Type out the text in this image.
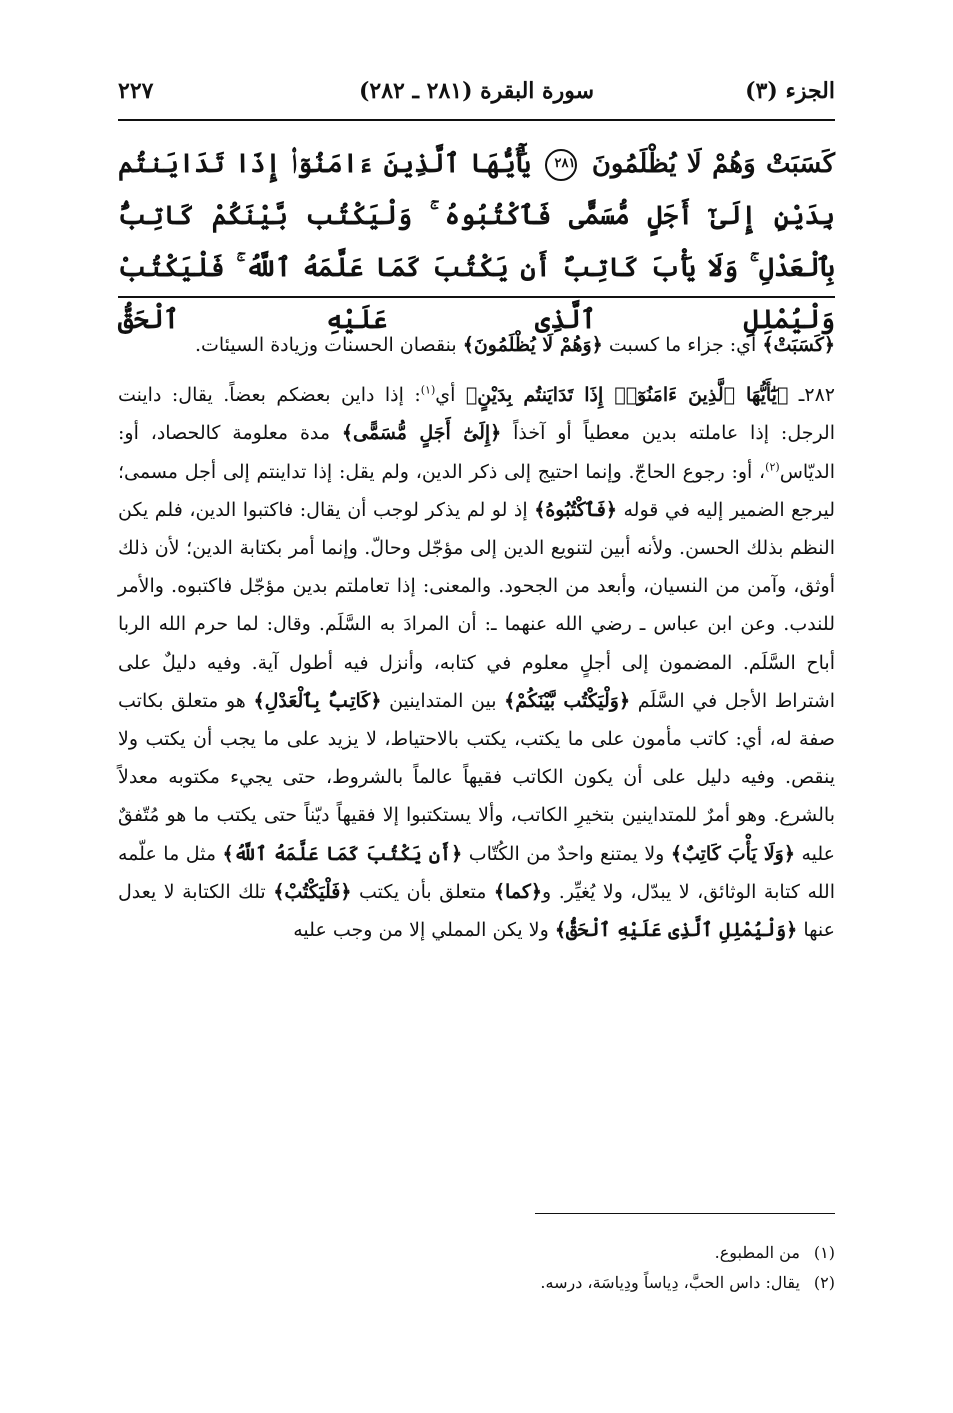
الجزء (٣)
سورة البقرة (٢٨١ ـ ٢٨٢)
٢٢٧
كَسَبَتْ وَهُمْ لَا يُظْلَمُونَ ٢٨١ يَٰٓأَيُّهَا ٱلَّذِينَ ءَامَنُوٓا۟ إِذَا تَدَايَنتُم بِدَيْنٍ إِلَىٰٓ أَجَلٍ مُّسَمًّى فَٱكْتُبُوهُ ۚ وَلْيَكْتُب بَّيْنَكُمْ كَاتِبٌۢ بِٱلْعَدْلِ ۚ وَلَا يَأْبَ كَاتِبٌ أَن يَكْتُبَ كَمَا عَلَّمَهُ ٱللَّهُ ۚ فَلْيَكْتُبْ وَلْيُمْلِلِ ٱلَّذِى عَلَيْهِ ٱلْحَقُّ

﴿كَسَبَتْ﴾ أي: جزاء ما كسبت ﴿وَهُمْ لَا يُظْلَمُونَ﴾ بنقصان الحسنات وزيادة السيئات.

٢٨٢ـ ﴿يَٰٓأَيُّهَا ٱلَّذِينَ ءَامَنُوٓا۟ إِذَا تَدَايَنتُم بِدَيْنٍ﴾ أي$^{(١)}$: إذا داين بعضكم بعضاً. يقال: داينت الرجل: إذا عاملته بدين معطياً أو آخذاً ﴿إِلَىٰٓ أَجَلٍ مُّسَمًّى﴾ مدة معلومة كالحصاد، أو: الديّاس$^{(٢)}$، أو: رجوع الحاجّ. وإنما احتيج إلى ذكر الدين، ولم يقل: إذا تداينتم إلى أجل مسمى؛ ليرجع الضمير إليه في قوله ﴿فَٱكْتُبُوهُ﴾ إذ لو لم يذكر لوجب أن يقال: فاكتبوا الدين، فلم يكن النظم بذلك الحسن. ولأنه أبين لتنويع الدين إلى مؤجّل وحالّ. وإنما أمر بكتابة الدين؛ لأن ذلك أوثق، وآمن من النسيان، وأبعد من الجحود. والمعنى: إذا تعاملتم بدين مؤجّل فاكتبوه. والأمر للندب. وعن ابن عباس ـ رضي الله عنهما ـ: أن المرادَ به السَّلَم. وقال: لما حرم الله الربا أباح السَّلَم. المضمون إلى أجلٍ معلوم في كتابه، وأنزل فيه أطول آية. وفيه دليلٌ على اشتراط الأجل في السَّلَم ﴿وَلْيَكْتُب بَّيْنَكُمْ﴾ بين المتداينين ﴿كَاتِبٌۢ بِٱلْعَدْلِ﴾ هو متعلق بكاتب صفة له، أي: كاتب مأمون على ما يكتب، يكتب بالاحتياط، لا يزيد على ما يجب أن يكتب ولا ينقص. وفيه دليل على أن يكون الكاتب فقيهاً عالماً بالشروط، حتى يجيء مكتوبه معدلاً بالشرع. وهو أمرٌ للمتداينين بتخيرِ الكاتب، وألا يستكتبوا إلا فقيهاً ديّناً حتى يكتب ما هو مُتّفقٌ عليه ﴿وَلَا يَأْبَ كَاتِبٌ﴾ ولا يمتنع واحدٌ من الكُتّاب ﴿أَن يَكْتُبَ كَمَا عَلَّمَهُ ٱللَّهُ﴾ مثل ما علّمه الله كتابة الوثائق، لا يبدّل، ولا يُغيِّر. و﴿كما﴾ متعلق بأن يكتب ﴿فَلْيَكْتُبْ﴾ تلك الكتابة لا يعدل عنها ﴿وَلْيُمْلِلِ ٱلَّذِى عَلَيْهِ ٱلْحَقُّ﴾ ولا يكن المملي إلا من وجب عليه

(١)من المطبوع.
(٢)يقال: داس الحبَّ، دِياساً ودِياسَة، درسه.
